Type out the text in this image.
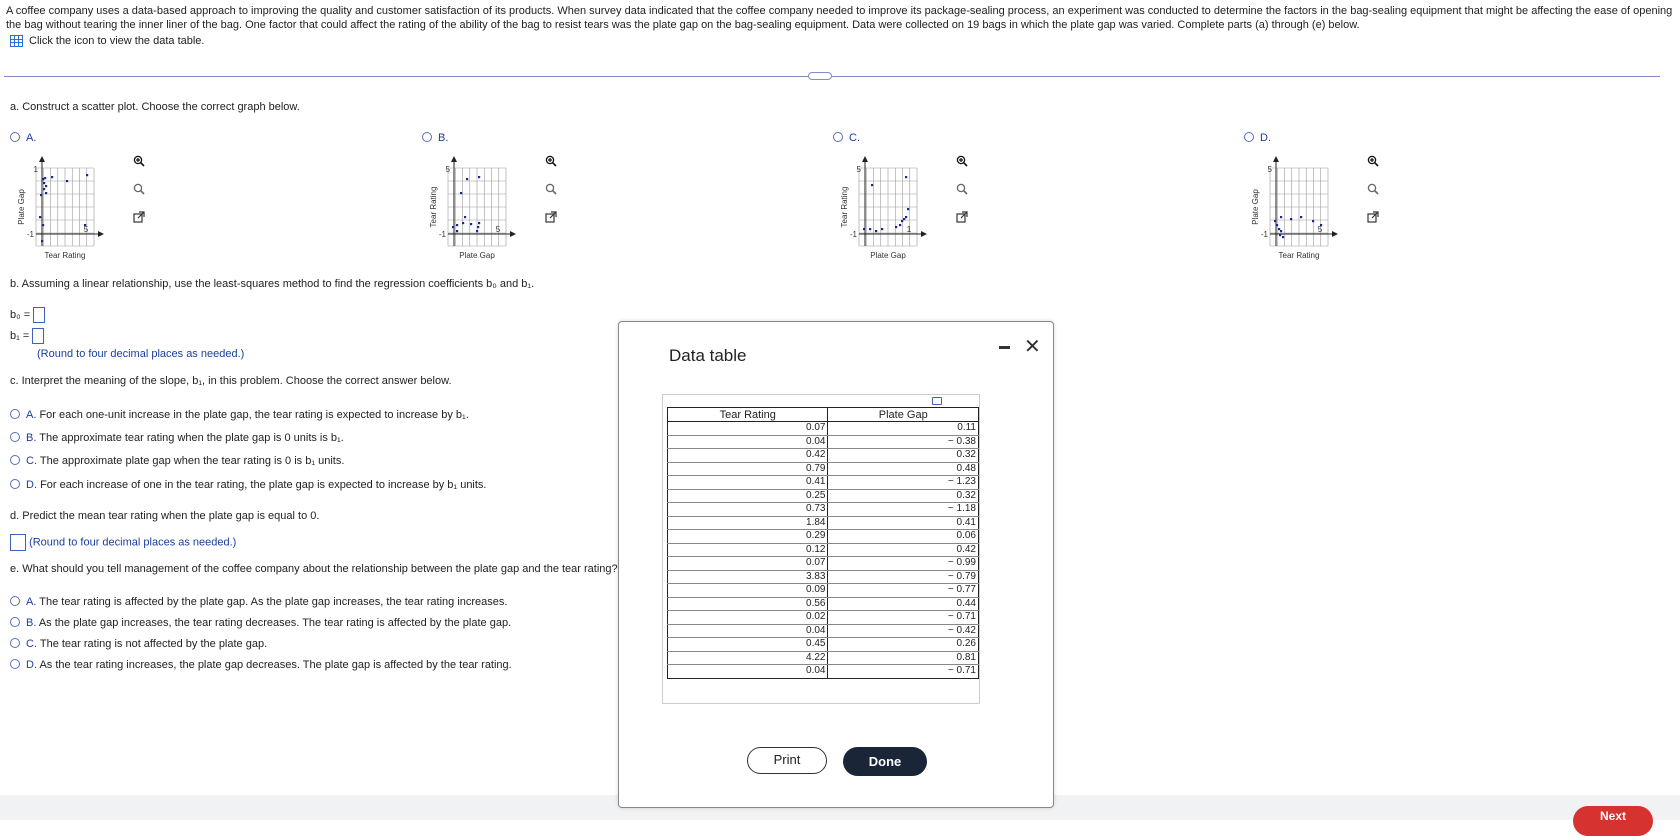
A coffee company uses a data-based approach to improving the quality and customer satisfaction of its products. When survey data indicated that the coffee company needed to improve its package-sealing process, an experiment was conducted to determine the factors in the bag-sealing equipment that might be affecting the ease of opening
the bag without tearing the inner liner of the bag. One factor that could affect the rating of the ability of the bag to resist tears was the plate gap on the bag-sealing equipment. Data were collected on 19 bags in which the plate gap was varied. Complete parts (a) through (e) below.
Click the icon to view the data table.
a. Construct a scatter plot. Choose the correct graph below.
A.
1
-1
5
Tear Rating
Plate Gap
B.
5
-1
5
Plate Gap
Tear Rating
C.
5
-1
1
Plate Gap
Tear Rating
D.
5
-1
5
Tear Rating
Plate Gap
b. Assuming a linear relationship, use the least-squares method to find the regression coefficients b₀ and b₁.
b₀ =
b₁ =
(Round to four decimal places as needed.)
c. Interpret the meaning of the slope, b₁, in this problem. Choose the correct answer below.
A. For each one-unit increase in the plate gap, the tear rating is expected to increase by b₁.
B. The approximate tear rating when the plate gap is 0 units is b₁.
C. The approximate plate gap when the tear rating is 0 is b₁ units.
D. For each increase of one in the tear rating, the plate gap is expected to increase by b₁ units.
d. Predict the mean tear rating when the plate gap is equal to 0.
(Round to four decimal places as needed.)
e. What should you tell management of the coffee company about the relationship between the plate gap and the tear rating?
A. The tear rating is affected by the plate gap. As the plate gap increases, the tear rating increases.
B. As the plate gap increases, the tear rating decreases. The tear rating is affected by the plate gap.
C. The tear rating is not affected by the plate gap.
D. As the tear rating increases, the plate gap decreases. The plate gap is affected by the tear rating.
Next
Data table	✕
Tear Rating	Plate Gap
0.07	0.11
0.04	− 0.38
0.42	0.32
0.79	0.48
0.41	− 1.23
0.25	0.32
0.73	− 1.18
1.84	0.41
0.29	0.06
0.12	0.42
0.07	− 0.99
3.83	− 0.79
0.09	− 0.77
0.56	0.44
0.02	− 0.71
0.04	− 0.42
0.45	0.26
4.22	0.81
0.04	− 0.71
Print	Done
